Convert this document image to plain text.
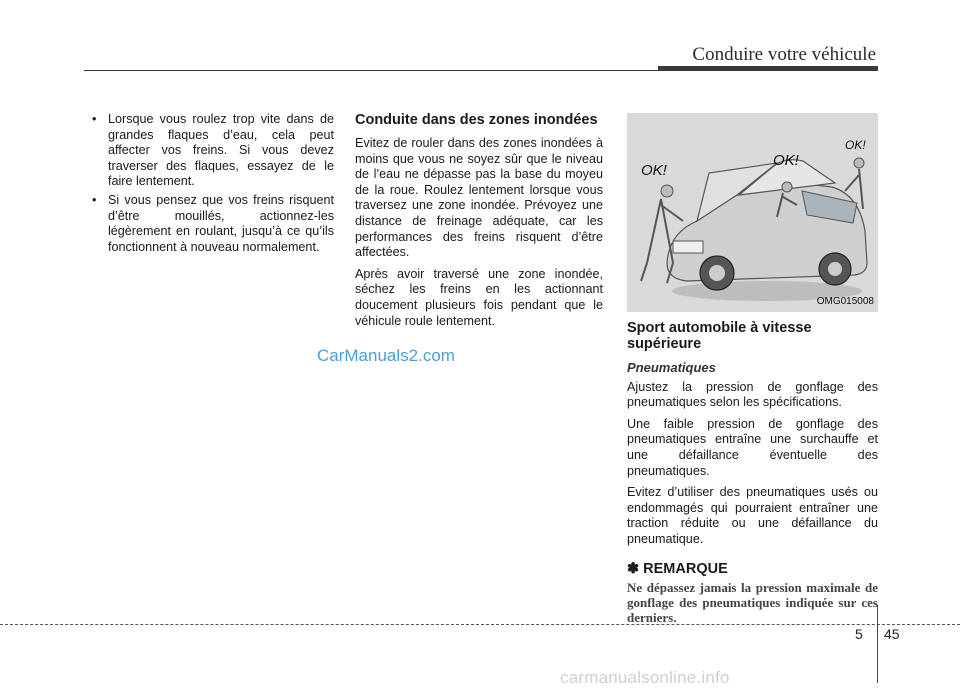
Conduire votre véhicule
• Lorsque vous roulez trop vite dans de grandes flaques d’eau, cela peut affecter vos freins. Si vous devez traverser des flaques, essayez de le faire lentement.
• Si vous pensez que vos freins risquent d’être mouillés, actionnez-les légèrement en roulant, jusqu’à ce qu’ils fonctionnent à nouveau normalement.
Conduite dans des zones inondées

Evitez de rouler dans des zones inondées à moins que vous ne soyez sûr que le niveau de l’eau ne dépasse pas la base du moyeu de la roue. Roulez lentement lorsque vous traversez une zone inondée. Prévoyez une distance de freinage adéquate, car les performances des freins risquent d’être affectées.

Après avoir traversé une zone inondée, séchez les freins en les actionnant doucement plusieurs fois pendant que le véhicule roule lentement.

OK!
OK!
OK!
OMG015008
Sport automobile à vitesse supérieure
Pneumatiques

Ajustez la pression de gonflage des pneumatiques selon les spécifications.

Une faible pression de gonflage des pneumatiques entraîne une surchauffe et une défaillance éventuelle des pneumatiques.

Evitez d’utiliser des pneumatiques usés ou endommagés qui pourraient entraîner une traction réduite ou une défaillance du pneumatique.

✽ REMARQUE

Ne dépassez jamais la pression maximale de gonflage des pneumatiques indiquée sur ces derniers.

CarManuals2.com
5 45
carmanualsonline.info
